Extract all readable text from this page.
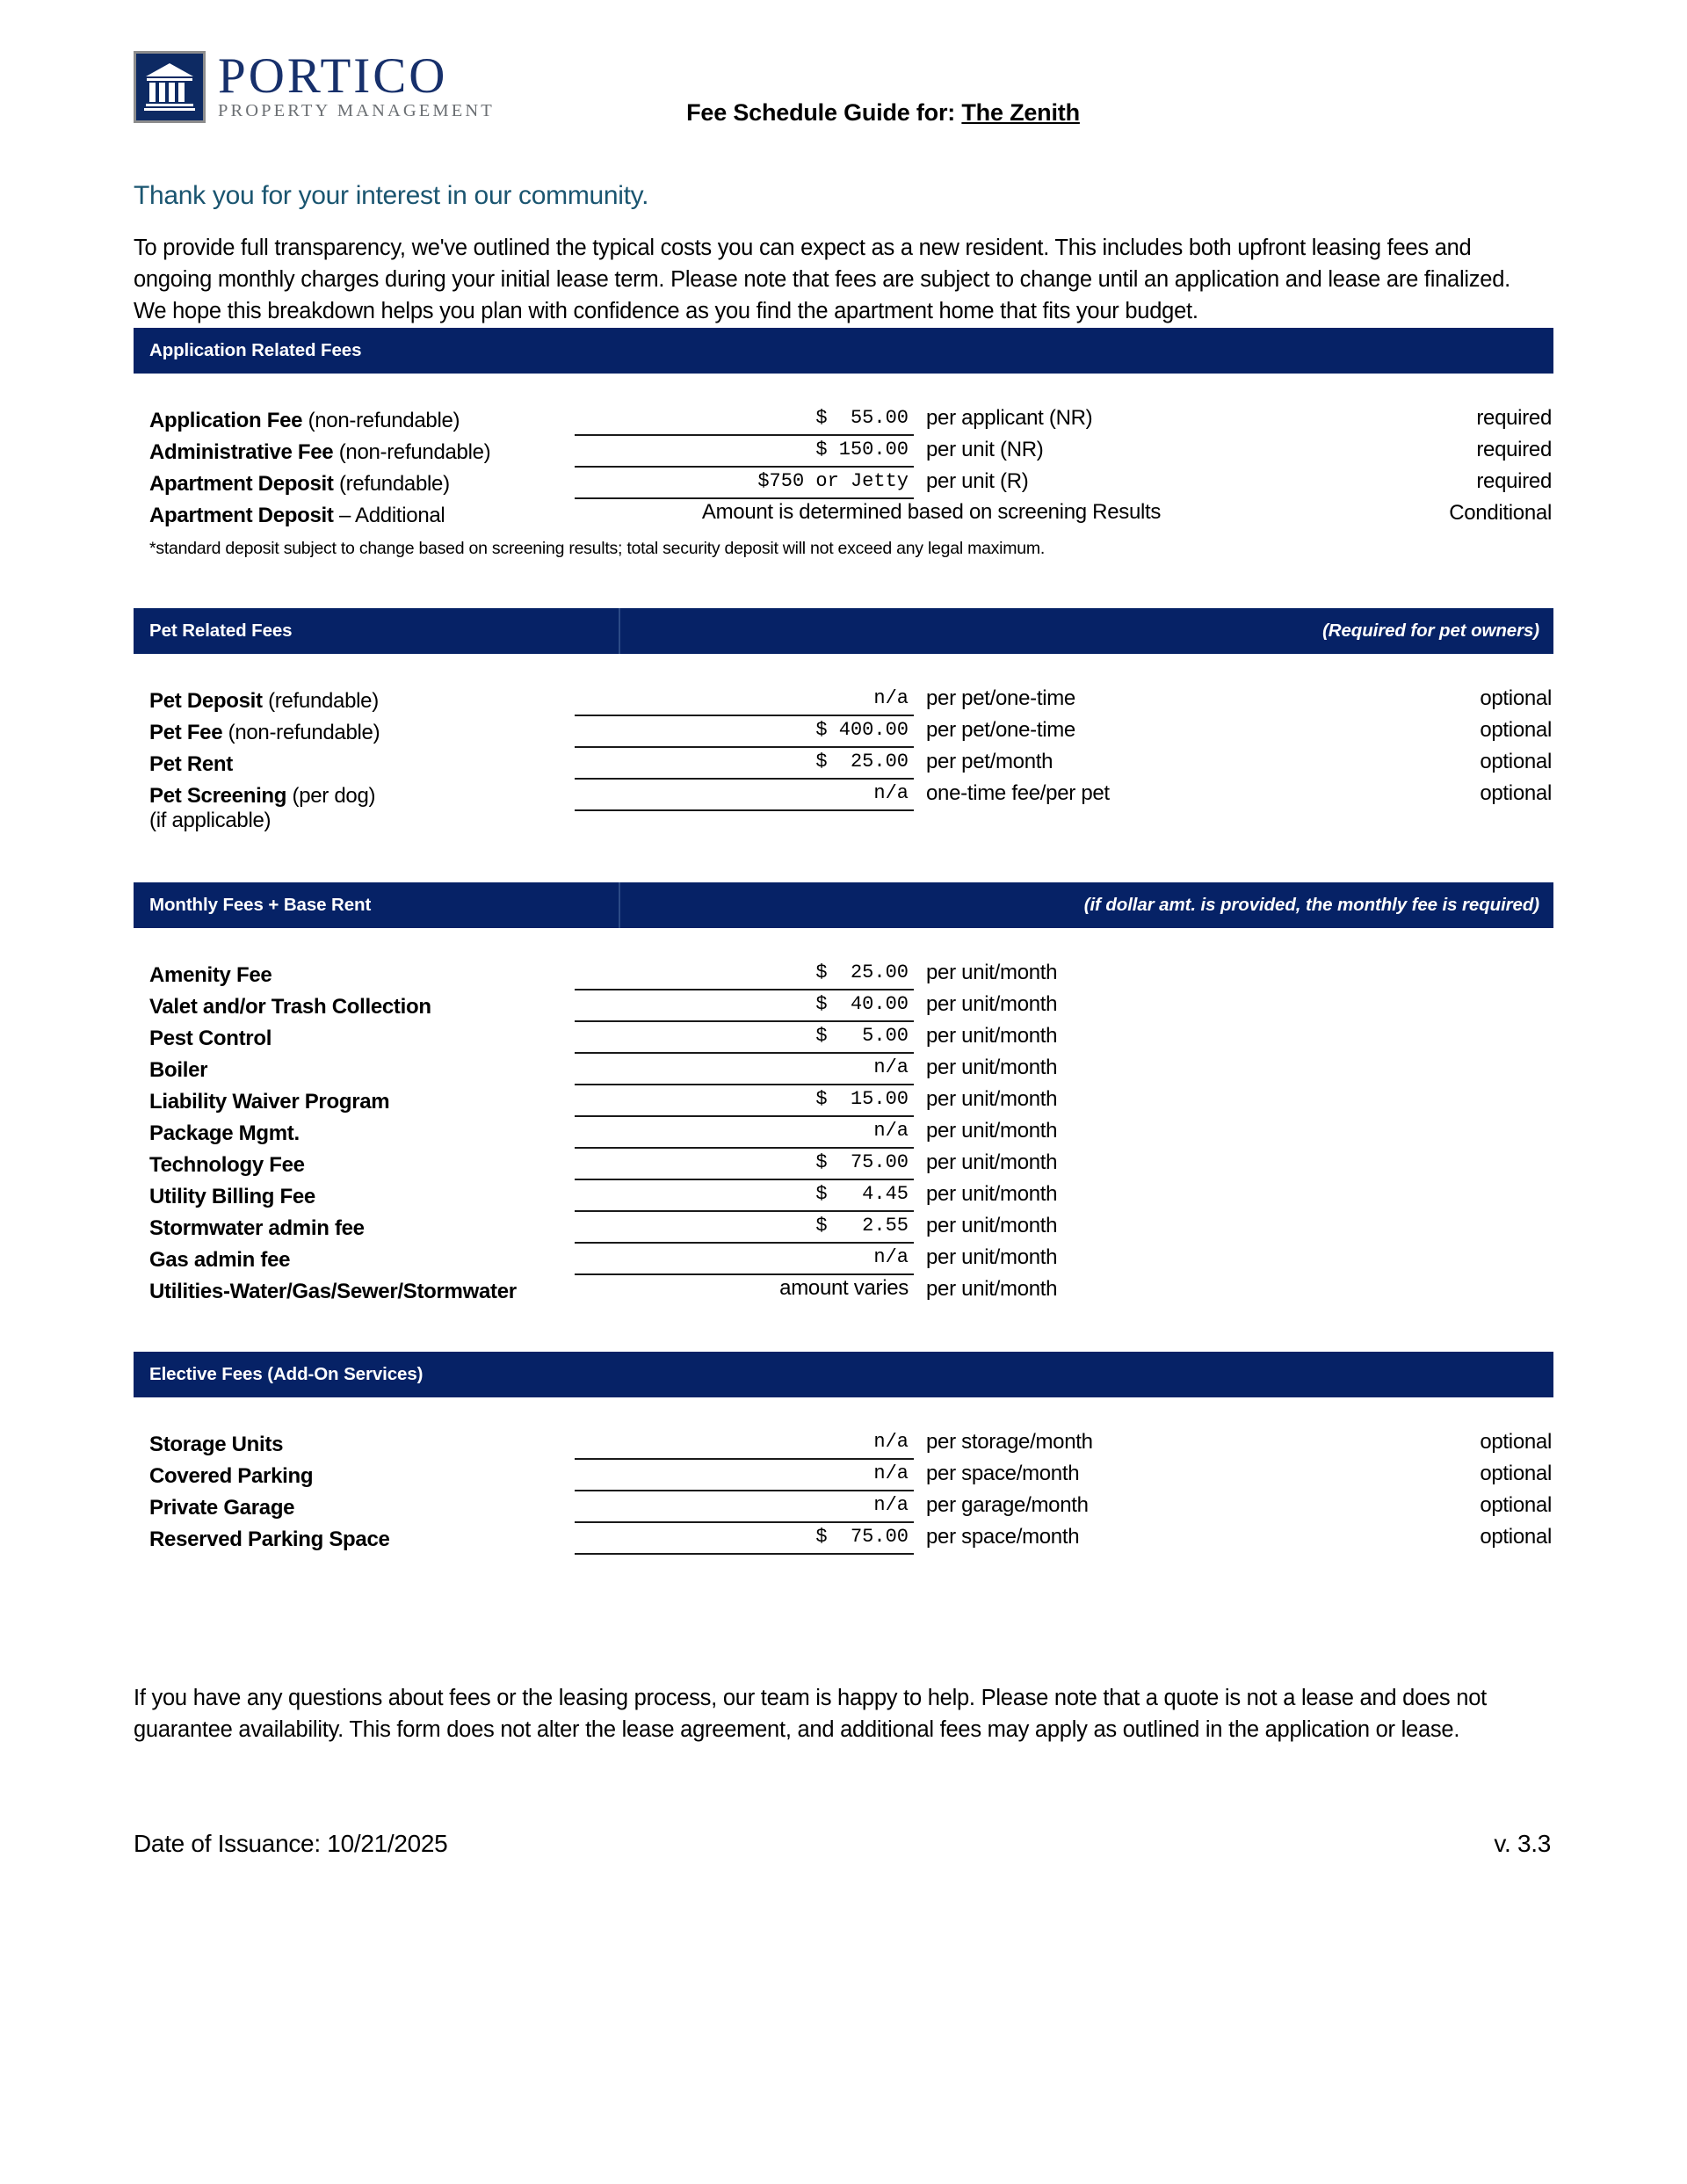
PORTICO
PROPERTY MANAGEMENT	Fee Schedule Guide for: The Zenith
Thank you for your interest in our community.

To provide full transparency, we've outlined the typical costs you can expect as a new resident. This includes both upfront leasing fees and ongoing monthly charges during your initial lease term. Please note that fees are subject to change until an application and lease are finalized. We hope this breakdown helps you plan with confidence as you find the apartment home that fits your budget.

Application Related Fees
Application Fee (non-refundable)	$  55.00 per applicant (NR)	required
Administrative Fee (non-refundable)	$ 150.00 per unit (NR)	required
Apartment Deposit (refundable)	$750 or Jetty per unit (R)	required
Apartment Deposit – Additional	Amount is determined based on screening Results	Conditional
*standard deposit subject to change based on screening results; total security deposit will not exceed any legal maximum.
Pet Related Fees	(Required for pet owners)
Pet Deposit (refundable)	n/a per pet/one-time	optional
Pet Fee (non-refundable)	$ 400.00 per pet/one-time	optional
Pet Rent	$  25.00 per pet/month	optional
Pet Screening (per dog)	n/a one-time fee/per pet	optional
(if applicable)
Monthly Fees + Base Rent	(if dollar amt. is provided, the monthly fee is required)
Amenity Fee	$  25.00 per unit/month
Valet and/or Trash Collection	$  40.00 per unit/month
Pest Control	$   5.00 per unit/month
Boiler	n/a per unit/month
Liability Waiver Program	$  15.00 per unit/month
Package Mgmt.	n/a per unit/month
Technology Fee	$  75.00 per unit/month
Utility Billing Fee	$   4.45 per unit/month
Stormwater admin fee	$   2.55 per unit/month
Gas admin fee	n/a per unit/month
Utilities-Water/Gas/Sewer/Stormwater	amount varies per unit/month
Elective Fees (Add-On Services)
Storage Units	n/a per storage/month	optional
Covered Parking	n/a per space/month	optional
Private Garage	n/a per garage/month	optional
Reserved Parking Space	$  75.00 per space/month	optional

If you have any questions about fees or the leasing process, our team is happy to help. Please note that a quote is not a lease and does not guarantee availability. This form does not alter the lease agreement, and additional fees may apply as outlined in the application or lease.

Date of Issuance: 10/21/2025	v. 3.3
